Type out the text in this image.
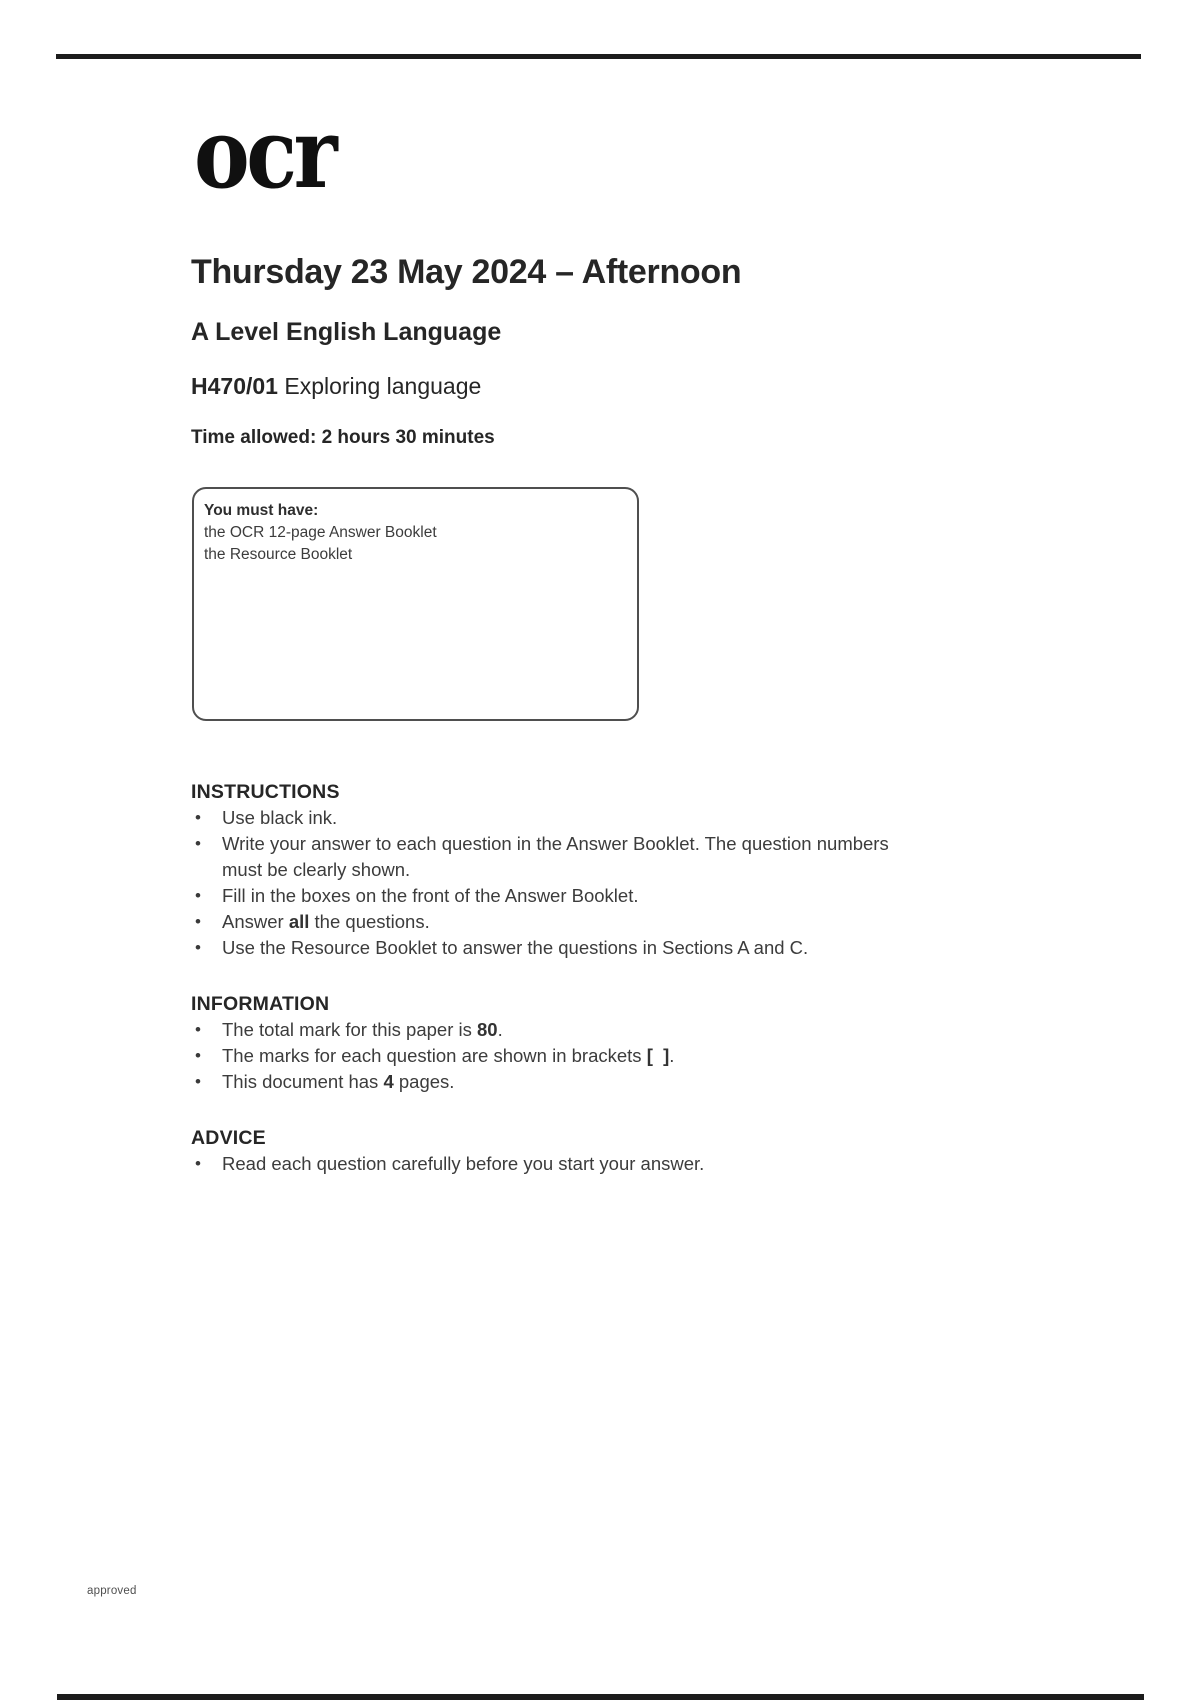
ocr
Thursday 23 May 2024 – Afternoon
A Level English Language
H470/01 Exploring language
Time allowed: 2 hours 30 minutes
You must have:
the OCR 12-page Answer Booklet
the Resource Booklet
INSTRUCTIONS
•	Use black ink.
•	Write your answer to each question in the Answer Booklet. The question numbers
must be clearly shown.
•	Fill in the boxes on the front of the Answer Booklet.
•	Answer all the questions.
•	Use the Resource Booklet to answer the questions in Sections A and C.
INFORMATION
•	The total mark for this paper is 80.
•	The marks for each question are shown in brackets [  ].
•	This document has 4 pages.
ADVICE
•	Read each question carefully before you start your answer.
approved
